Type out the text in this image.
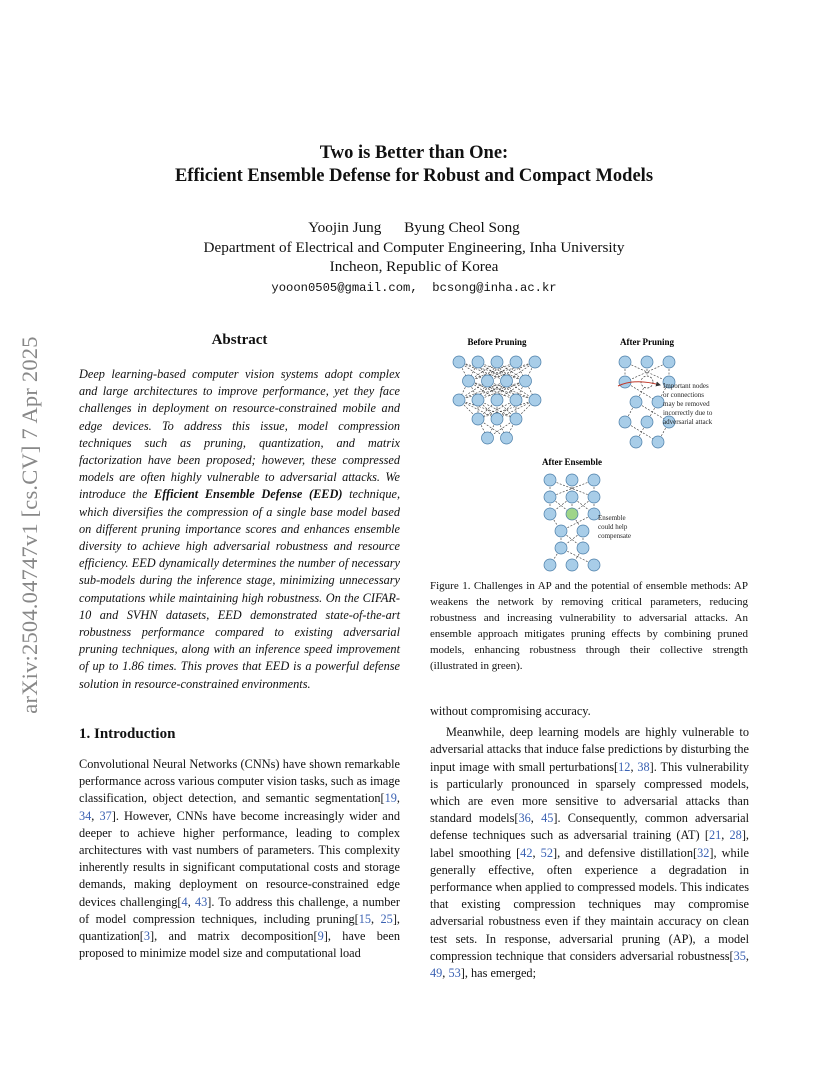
arXiv:2504.04747v1 [cs.CV] 7 Apr 2025
Two is Better than One:
Efficient Ensemble Defense for Robust and Compact Models
Yoojin Jung      Byung Cheol Song
Department of Electrical and Computer Engineering, Inha University
Incheon, Republic of Korea
yooon0505@gmail.com,  bcsong@inha.ac.kr
Abstract

Deep learning-based computer vision systems adopt complex and large architectures to improve performance, yet they face challenges in deployment on resource-constrained mobile and edge devices. To address this issue, model compression techniques such as pruning, quantization, and matrix factorization have been proposed; however, these compressed models are often highly vulnerable to adversarial attacks. We introduce the Efficient Ensemble Defense (EED) technique, which diversifies the compression of a single base model based on different pruning importance scores and enhances ensemble diversity to achieve high adversarial robustness and resource efficiency. EED dynamically determines the number of necessary sub-models during the inference stage, minimizing unnecessary computations while maintaining high robustness. On the CIFAR-10 and SVHN datasets, EED demonstrated state-of-the-art robustness performance compared to existing adversarial pruning techniques, along with an inference speed improvement of up to 1.86 times. This proves that EED is a powerful defense solution in resource-constrained environments.

1. Introduction

Convolutional Neural Networks (CNNs) have shown remarkable performance across various computer vision tasks, such as image classification, object detection, and semantic segmentation[19, 34, 37]. However, CNNs have become increasingly wider and deeper to achieve higher performance, leading to complex architectures with vast numbers of parameters. This complexity inherently results in significant computational costs and storage demands, making deployment on resource-constrained edge devices challenging[4, 43]. To address this challenge, a number of model compression techniques, including pruning[15, 25], quantization[3], and matrix decomposition[9], have been proposed to minimize model size and computational load

Before Pruning	After Pruning
After Ensemble
Important nodes or connections may be removed incorrectly due to adversarial attack
Ensemble could help compensate
Figure 1. Challenges in AP and the potential of ensemble methods: AP weakens the network by removing critical parameters, reducing robustness and increasing vulnerability to adversarial attacks. An ensemble approach mitigates pruning effects by combining pruned models, enhancing robustness through their collective strength (illustrated in green).

without compromising accuracy.

Meanwhile, deep learning models are highly vulnerable to adversarial attacks that induce false predictions by disturbing the input image with small perturbations[12, 38]. This vulnerability is particularly pronounced in sparsely compressed models, which are even more sensitive to adversarial attacks than standard models[36, 45]. Consequently, common adversarial defense techniques such as adversarial training (AT) [21, 28], label smoothing [42, 52], and defensive distillation[32], while generally effective, often experience a degradation in performance when applied to compressed models. This indicates that existing compression techniques may compromise adversarial robustness even if they maintain accuracy on clean test sets. In response, adversarial pruning (AP), a model compression technique that considers adversarial robustness[35, 49, 53], has emerged;
